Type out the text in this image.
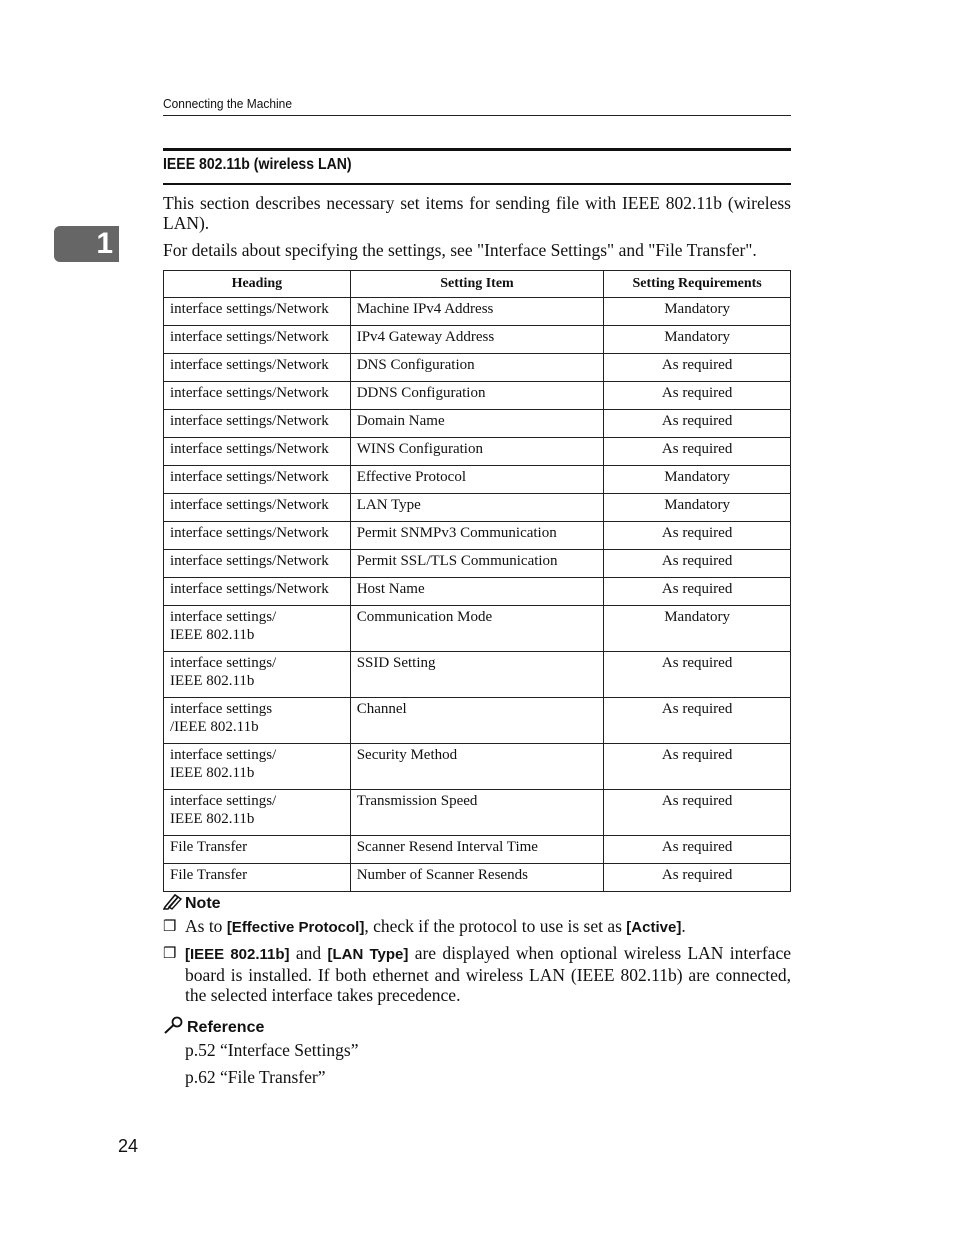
Connecting the Machine
IEEE 802.11b (wireless LAN)
1
This section describes necessary set items for sending file with IEEE 802.11b (wireless LAN).
For details about specifying the settings, see "Interface Settings" and "File Transfer".
Heading	Setting Item	Setting Requirements
interface settings/Network	Machine IPv4 Address	Mandatory
interface settings/Network	IPv4 Gateway Address	Mandatory
interface settings/Network	DNS Configuration	As required
interface settings/Network	DDNS Configuration	As required
interface settings/Network	Domain Name	As required
interface settings/Network	WINS Configuration	As required
interface settings/Network	Effective Protocol	Mandatory
interface settings/Network	LAN Type	Mandatory
interface settings/Network	Permit SNMPv3 Communication	As required
interface settings/Network	Permit SSL/TLS Communication	As required
interface settings/Network	Host Name	As required

interface settings/
IEEE 802.11b	Communication Mode	Mandatory

interface settings/
IEEE 802.11b	SSID Setting	As required

interface settings
/IEEE 802.11b	Channel	As required

interface settings/
IEEE 802.11b	Security Method	As required

interface settings/
IEEE 802.11b	Transmission Speed	As required
File Transfer	Scanner Resend Interval Time	As required
File Transfer	Number of Scanner Resends	As required
Note
❒ As to [Effective Protocol], check if the protocol to use is set as [Active].
❒ [IEEE 802.11b] and [LAN Type] are displayed when optional wireless LAN interface board is installed. If both ethernet and wireless LAN (IEEE 802.11b) are connected, the selected interface takes precedence.
Reference
p.52 “Interface Settings”
p.62 “File Transfer”
24
